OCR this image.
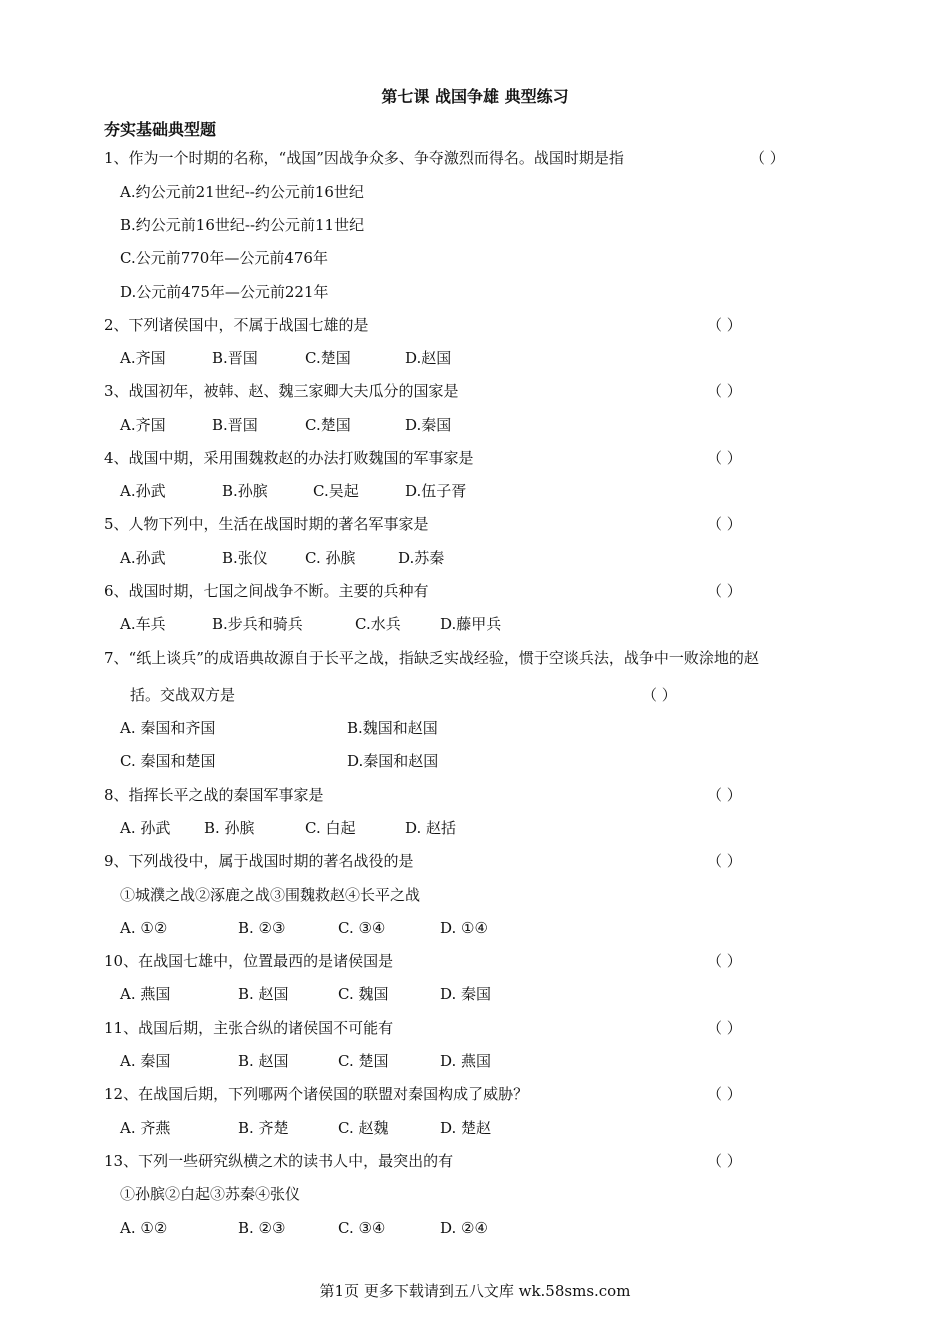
第七课 战国争雄 典型练习
夯实基础典型题
1、作为一个时期的名称，“战国”因战争众多、争夺激烈而得名。战国时期是指	（ ）
A.约公元前21世纪--约公元前16世纪
B.约公元前16世纪--约公元前11世纪
C.公元前770年—公元前476年
D.公元前475年—公元前221年
2、下列诸侯国中，不属于战国七雄的是	（ ）
A.齐国	B.晋国	C.楚国	D.赵国
3、战国初年，被韩、赵、魏三家卿大夫瓜分的国家是	（ ）
A.齐国	B.晋国	C.楚国	D.秦国
4、战国中期，采用围魏救赵的办法打败魏国的军事家是	（ ）
A.孙武	B.孙膑	C.吴起	D.伍子胥
5、人物下列中，生活在战国时期的著名军事家是	（ ）
A.孙武	B.张仪 C. 孙膑	D.苏秦
6、战国时期，七国之间战争不断。主要的兵种有	（ ）
A.车兵	B.步兵和骑兵	C.水兵	D.藤甲兵
7、“纸上谈兵”的成语典故源自于长平之战，指缺乏实战经验，惯于空谈兵法，战争中一败涂地的赵
括。交战双方是	（ ）
A. 秦国和齐国	B.魏国和赵国
C. 秦国和楚国	D.秦国和赵国
8、指挥长平之战的秦国军事家是	（ ）
A. 孙武 B. 孙膑	C. 白起	D. 赵括
9、下列战役中，属于战国时期的著名战役的是	（ ）
①城濮之战②涿鹿之战③围魏救赵④长平之战
A. ①②	B. ②③	C. ③④	D. ①④
10、在战国七雄中，位置最西的是诸侯国是	（ ）
A. 燕国	B. 赵国	C. 魏国	D. 秦国
11、战国后期，主张合纵的诸侯国不可能有	（ ）
A. 秦国	B. 赵国	C. 楚国	D. 燕国
12、在战国后期，下列哪两个诸侯国的联盟对秦国构成了威胁？	（ ）
A. 齐燕	B. 齐楚	C. 赵魏	D. 楚赵
13、下列一些研究纵横之术的读书人中，最突出的有	（ ）
①孙膑②白起③苏秦④张仪
A. ①②	B. ②③	C. ③④	D. ②④
第1页 更多下载请到五八文库 wk.58sms.com
